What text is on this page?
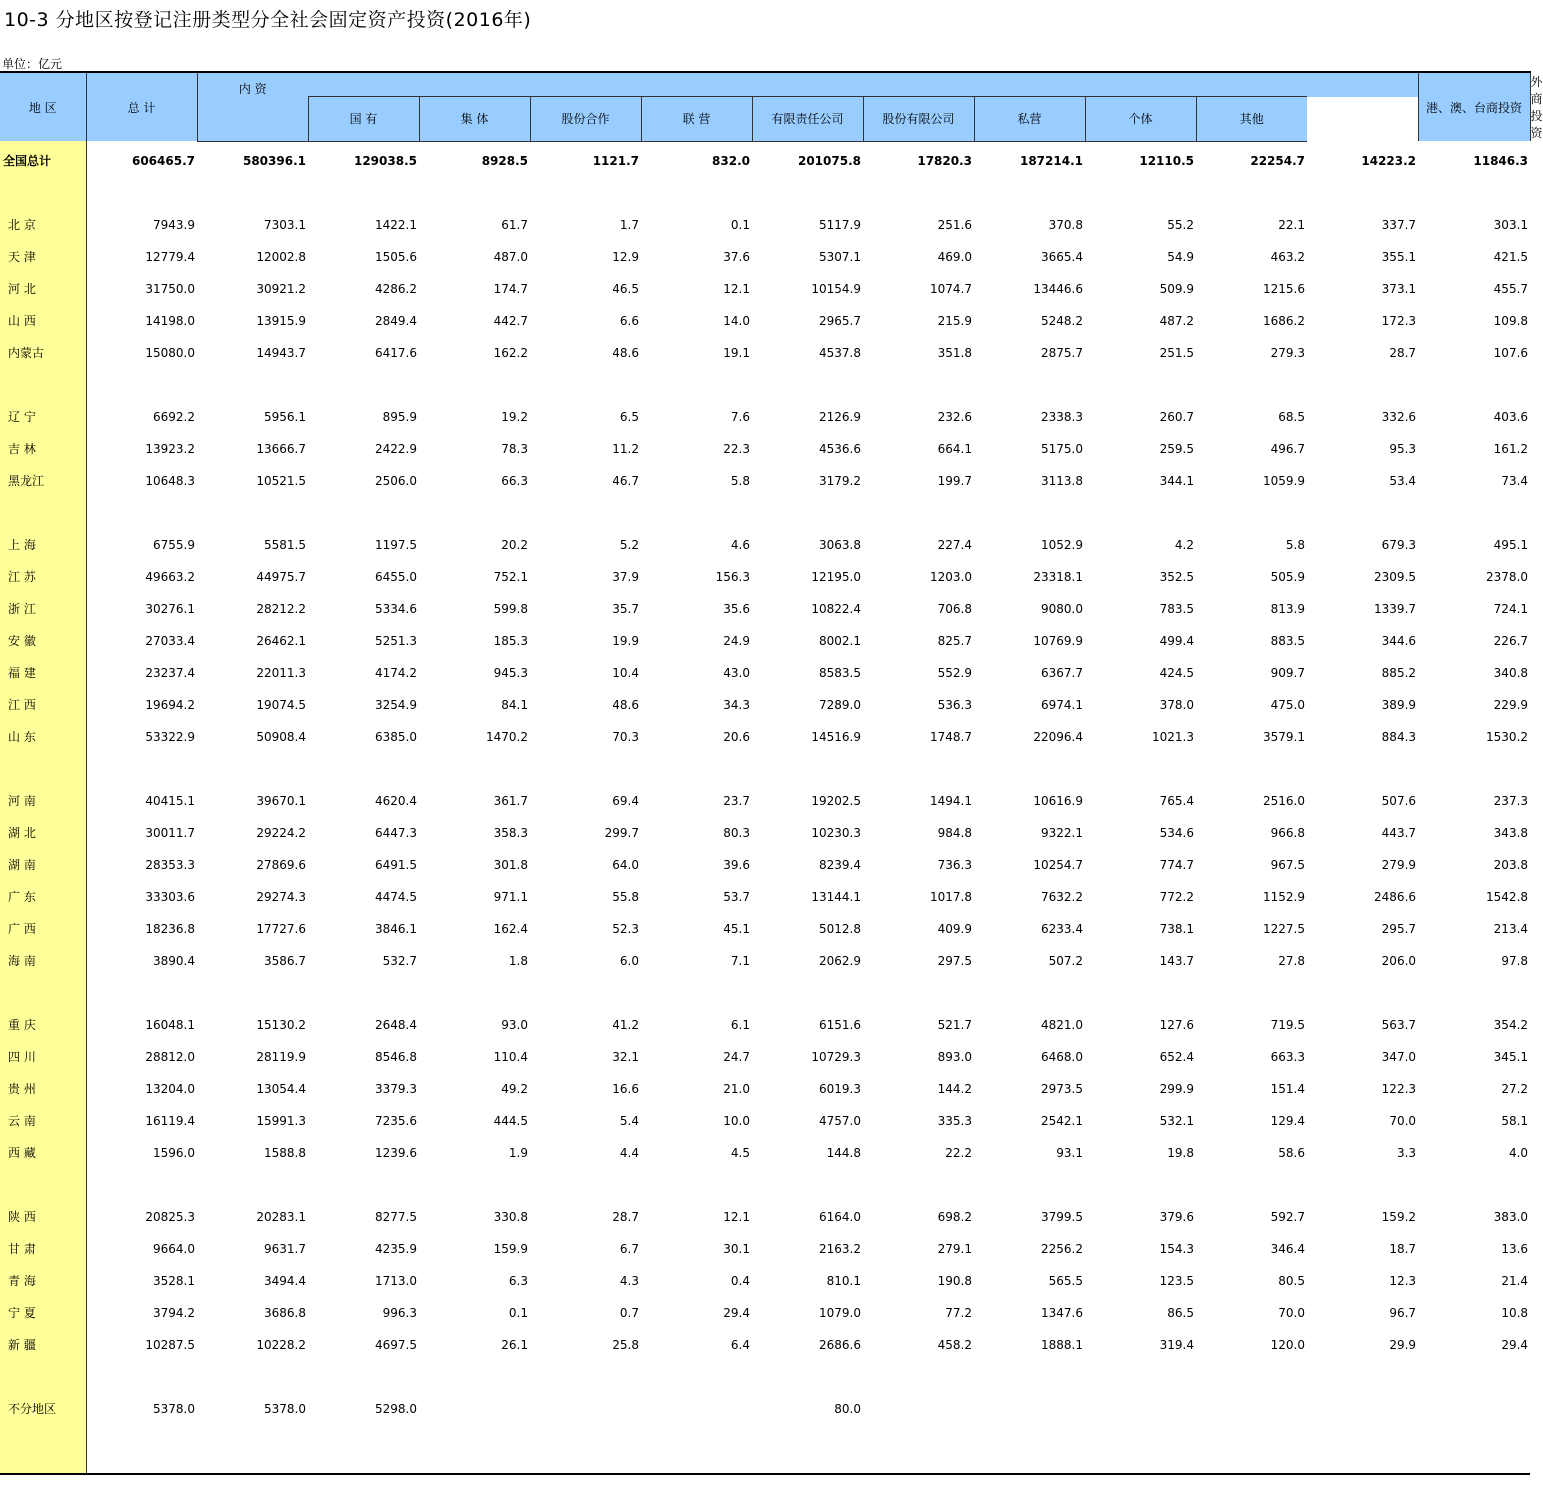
10-3 分地区按登记注册类型分全社会固定资产投资(2016年)
单位：亿元
地 区	总 计	内 资											港、澳、台商投资	外商投资
			国 有	集 体	股份合作	联 营	有限责任公司	股份有限公司	私营	个体	其他			

全国总计	606465.7	580396.1	129038.5	8928.5	1121.7	832.0	201075.8	17820.3	187214.1	12110.5	22254.7	14223.2	11846.3	

北 京	7943.9	7303.1	1422.1	61.7	1.7	0.1	5117.9	251.6	370.8	55.2	22.1	337.7	303.1	
天 津	12779.4	12002.8	1505.6	487.0	12.9	37.6	5307.1	469.0	3665.4	54.9	463.2	355.1	421.5	
河 北	31750.0	30921.2	4286.2	174.7	46.5	12.1	10154.9	1074.7	13446.6	509.9	1215.6	373.1	455.7	
山 西	14198.0	13915.9	2849.4	442.7	6.6	14.0	2965.7	215.9	5248.2	487.2	1686.2	172.3	109.8	
内蒙古	15080.0	14943.7	6417.6	162.2	48.6	19.1	4537.8	351.8	2875.7	251.5	279.3	28.7	107.6	

辽 宁	6692.2	5956.1	895.9	19.2	6.5	7.6	2126.9	232.6	2338.3	260.7	68.5	332.6	403.6	
吉 林	13923.2	13666.7	2422.9	78.3	11.2	22.3	4536.6	664.1	5175.0	259.5	496.7	95.3	161.2	
黑龙江	10648.3	10521.5	2506.0	66.3	46.7	5.8	3179.2	199.7	3113.8	344.1	1059.9	53.4	73.4	

上 海	6755.9	5581.5	1197.5	20.2	5.2	4.6	3063.8	227.4	1052.9	4.2	5.8	679.3	495.1	
江 苏	49663.2	44975.7	6455.0	752.1	37.9	156.3	12195.0	1203.0	23318.1	352.5	505.9	2309.5	2378.0	
浙 江	30276.1	28212.2	5334.6	599.8	35.7	35.6	10822.4	706.8	9080.0	783.5	813.9	1339.7	724.1	
安 徽	27033.4	26462.1	5251.3	185.3	19.9	24.9	8002.1	825.7	10769.9	499.4	883.5	344.6	226.7	
福 建	23237.4	22011.3	4174.2	945.3	10.4	43.0	8583.5	552.9	6367.7	424.5	909.7	885.2	340.8	
江 西	19694.2	19074.5	3254.9	84.1	48.6	34.3	7289.0	536.3	6974.1	378.0	475.0	389.9	229.9	
山 东	53322.9	50908.4	6385.0	1470.2	70.3	20.6	14516.9	1748.7	22096.4	1021.3	3579.1	884.3	1530.2	

河 南	40415.1	39670.1	4620.4	361.7	69.4	23.7	19202.5	1494.1	10616.9	765.4	2516.0	507.6	237.3	
湖 北	30011.7	29224.2	6447.3	358.3	299.7	80.3	10230.3	984.8	9322.1	534.6	966.8	443.7	343.8	
湖 南	28353.3	27869.6	6491.5	301.8	64.0	39.6	8239.4	736.3	10254.7	774.7	967.5	279.9	203.8	
广 东	33303.6	29274.3	4474.5	971.1	55.8	53.7	13144.1	1017.8	7632.2	772.2	1152.9	2486.6	1542.8	
广 西	18236.8	17727.6	3846.1	162.4	52.3	45.1	5012.8	409.9	6233.4	738.1	1227.5	295.7	213.4	
海 南	3890.4	3586.7	532.7	1.8	6.0	7.1	2062.9	297.5	507.2	143.7	27.8	206.0	97.8	

重 庆	16048.1	15130.2	2648.4	93.0	41.2	6.1	6151.6	521.7	4821.0	127.6	719.5	563.7	354.2	
四 川	28812.0	28119.9	8546.8	110.4	32.1	24.7	10729.3	893.0	6468.0	652.4	663.3	347.0	345.1	
贵 州	13204.0	13054.4	3379.3	49.2	16.6	21.0	6019.3	144.2	2973.5	299.9	151.4	122.3	27.2	
云 南	16119.4	15991.3	7235.6	444.5	5.4	10.0	4757.0	335.3	2542.1	532.1	129.4	70.0	58.1	
西 藏	1596.0	1588.8	1239.6	1.9	4.4	4.5	144.8	22.2	93.1	19.8	58.6	3.3	4.0	

陕 西	20825.3	20283.1	8277.5	330.8	28.7	12.1	6164.0	698.2	3799.5	379.6	592.7	159.2	383.0	
甘 肃	9664.0	9631.7	4235.9	159.9	6.7	30.1	2163.2	279.1	2256.2	154.3	346.4	18.7	13.6	
青 海	3528.1	3494.4	1713.0	6.3	4.3	0.4	810.1	190.8	565.5	123.5	80.5	12.3	21.4	
宁 夏	3794.2	3686.8	996.3	0.1	0.7	29.4	1079.0	77.2	1347.6	86.5	70.0	96.7	10.8	
新 疆	10287.5	10228.2	4697.5	26.1	25.8	6.4	2686.6	458.2	1888.1	319.4	120.0	29.9	29.4	

不分地区	5378.0	5378.0	5298.0				80.0							
